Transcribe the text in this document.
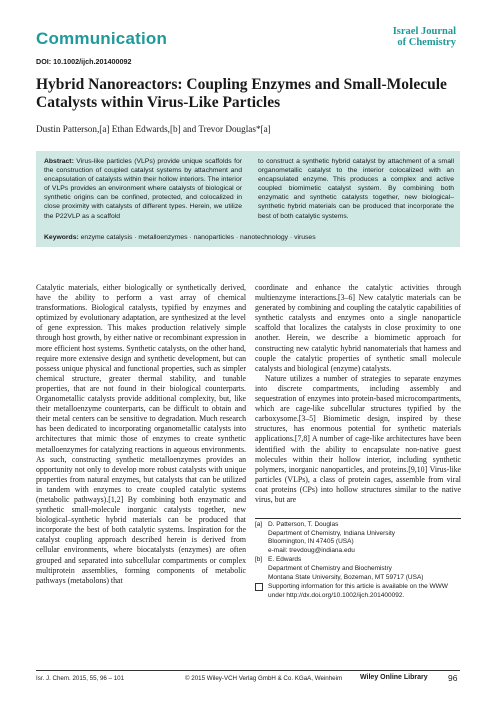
Communication	Israel Journal
of Chemistry
DOI: 10.1002/ijch.201400092
Hybrid Nanoreactors: Coupling Enzymes and Small-Molecule Catalysts within Virus-Like Particles
Dustin Patterson,[a] Ethan Edwards,[b] and Trevor Douglas*[a]
Abstract: Virus-like particles (VLPs) provide unique scaffolds for the construction of coupled catalyst systems by attachment and encapsulation of catalysts within their hollow interiors. The interior of VLPs provides an environment where catalysts of biological or synthetic origins can be confined, protected, and colocalized in close proximity with catalysts of different types. Herein, we utilize the P22VLP as a scaffold
to construct a synthetic hybrid catalyst by attachment of a small organometallic catalyst to the interior colocalized with an encapsulated enzyme. This produces a complex and active coupled biomimetic catalyst system. By combining both enzymatic and synthetic catalysts together, new biological–synthetic hybrid materials can be produced that incorporate the best of both catalytic systems.
Keywords: enzyme catalysis · metalloenzymes · nanoparticles · nanotechnology · viruses

Catalytic materials, either biologically or synthetically derived, have the ability to perform a vast array of chemical transformations. Biological catalysts, typified by enzymes and optimized by evolutionary adaptation, are synthesized at the level of gene expression. This makes production relatively simple through host growth, by either native or recombinant expression in more efficient host systems. Synthetic catalysts, on the other hand, require more extensive design and synthetic development, but can possess unique physical and functional properties, such as simpler chemical structure, greater thermal stability, and tunable properties, that are not found in their biological counterparts. Organometallic catalysts provide additional complexity, but, like their metalloenzyme counterparts, can be difficult to obtain and their metal centers can be sensitive to degradation. Much research has been dedicated to incorporating organometallic catalysts into architectures that mimic those of enzymes to create synthetic metalloenzymes for catalyzing reactions in aqueous environments. As such, constructing synthetic metalloenzymes provides an opportunity not only to develop more robust catalysts with unique properties from natural enzymes, but catalysts that can be utilized in tandem with enzymes to create coupled catalytic systems (metabolic pathways).[1,2] By combining both enzymatic and synthetic small-molecule inorganic catalysts together, new biological–synthetic hybrid materials can be produced that incorporate the best of both catalytic systems. Inspiration for the catalyst coupling approach described herein is derived from cellular environments, where biocatalysts (enzymes) are often grouped and separated into subcellular compartments or complex multiprotein assemblies, forming components of metabolic pathways (metabolons) that

coordinate and enhance the catalytic activities through multienzyme interactions.[3–6] New catalytic materials can be generated by combining and coupling the catalytic capabilities of synthetic catalysts and enzymes onto a single nanoparticle scaffold that localizes the catalysts in close proximity to one another. Herein, we describe a biomimetic approach for constructing new catalytic hybrid nanomaterials that harness and couple the catalytic properties of synthetic small molecule catalysts and biological (enzyme) catalysts.

Nature utilizes a number of strategies to separate enzymes into discrete compartments, including assembly and sequestration of enzymes into protein-based microcompartments, which are cage-like subcellular structures typified by the carboxysome.[3–5] Biomimetic design, inspired by these structures, has enormous potential for synthetic materials applications.[7,8] A number of cage-like architectures have been identified with the ability to encapsulate non-native guest molecules within their hollow interior, including synthetic polymers, inorganic nanoparticles, and proteins.[9,10] Virus-like particles (VLPs), a class of protein cages, assemble from viral coat proteins (CPs) into hollow structures similar to the native virus, but are

[a] D. Patterson, T. Douglas
Department of Chemistry, Indiana University
Bloomington, IN 47405 (USA)
e-mail: trevdoug@indiana.edu
[b] E. Edwards
Department of Chemistry and Biochemistry
Montana State University, Bozeman, MT 59717 (USA)
Supporting information for this article is available on the WWW under http://dx.doi.org/10.1002/ijch.201400092.
Isr. J. Chem. 2015, 55, 96 – 101	© 2015 Wiley-VCH Verlag GmbH & Co. KGaA, Weinheim	Wiley Online Library 96
